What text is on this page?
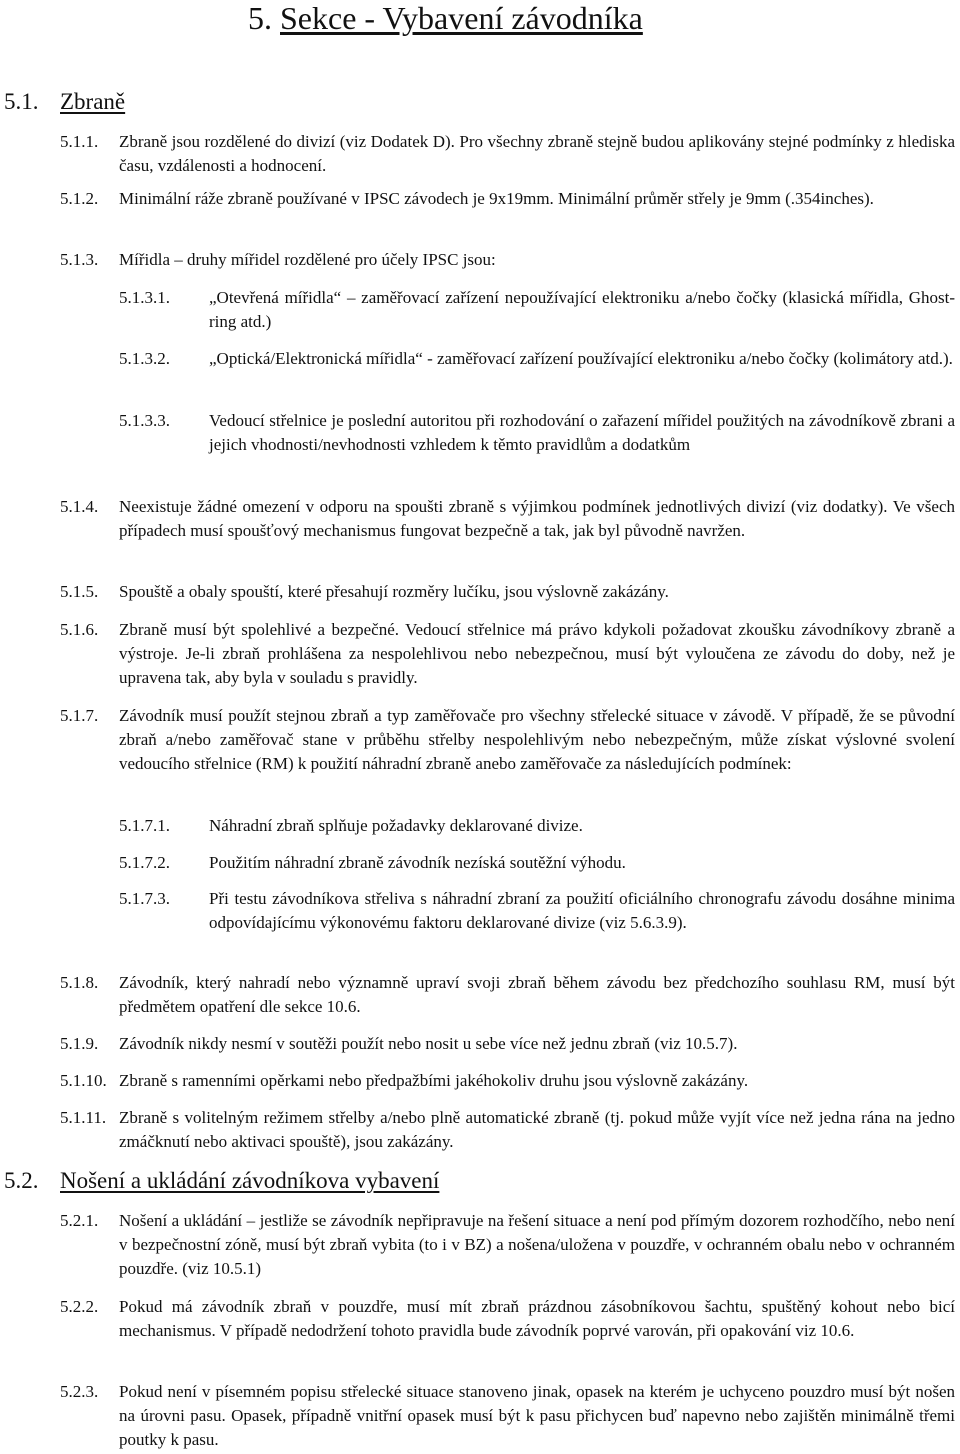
5. Sekce - Vybavení závodníka
5.1. Zbraně
5.1.1. Zbraně jsou rozdělené do divizí (viz Dodatek D). Pro všechny zbraně stejně budou aplikovány stejné podmínky z hlediska času, vzdálenosti a hodnocení.
5.1.2. Minimální ráže zbraně používané v IPSC závodech je 9x19mm. Minimální průměr střely je 9mm (.354inches).
5.1.3. Mířidla – druhy mířidel rozdělené pro účely IPSC jsou:
5.1.3.1. „Otevřená mířidla“ – zaměřovací zařízení nepoužívající elektroniku a/nebo čočky (klasická mířidla, Ghost-ring atd.)
5.1.3.2. „Optická/Elektronická mířidla“ - zaměřovací zařízení používající elektroniku a/nebo čočky (kolimátory atd.).
5.1.3.3. Vedoucí střelnice je poslední autoritou při rozhodování o zařazení mířidel použitých na závodníkově zbrani a jejich vhodnosti/nevhodnosti vzhledem k těmto pravidlům a dodatkům
5.1.4. Neexistuje žádné omezení v odporu na spoušti zbraně s výjimkou podmínek jednotlivých divizí (viz dodatky). Ve všech případech musí spoušťový mechanismus fungovat bezpečně a tak, jak byl původně navržen.
5.1.5. Spouště a obaly spouští, které přesahují rozměry lučíku, jsou výslovně zakázány.
5.1.6. Zbraně musí být spolehlivé a bezpečné. Vedoucí střelnice má právo kdykoli požadovat zkoušku závodníkovy zbraně a výstroje. Je-li zbraň prohlášena za nespolehlivou nebo nebezpečnou, musí být vyloučena ze závodu do doby, než je upravena tak, aby byla v souladu s pravidly.
5.1.7. Závodník musí použít stejnou zbraň a typ zaměřovače pro všechny střelecké situace v závodě. V případě, že se původní zbraň a/nebo zaměřovač stane v průběhu střelby nespolehlivým nebo nebezpečným, může získat výslovné svolení vedoucího střelnice (RM) k použití náhradní zbraně anebo zaměřovače za následujících podmínek:
5.1.7.1. Náhradní zbraň splňuje požadavky deklarované divize.
5.1.7.2. Použitím náhradní zbraně závodník nezíská soutěžní výhodu.
5.1.7.3. Při testu závodníkova střeliva s náhradní zbraní za použití oficiálního chronografu závodu dosáhne minima odpovídajícímu výkonovému faktoru deklarované divize (viz 5.6.3.9).
5.1.8. Závodník, který nahradí nebo významně upraví svoji zbraň během závodu bez předchozího souhlasu RM, musí být předmětem opatření dle sekce 10.6.
5.1.9. Závodník nikdy nesmí v soutěži použít nebo nosit u sebe více než jednu zbraň (viz 10.5.7).
5.1.10. Zbraně s ramenními opěrkami nebo předpažbími jakéhokoliv druhu jsou výslovně zakázány.
5.1.11. Zbraně s volitelným režimem střelby a/nebo plně automatické zbraně (tj. pokud může vyjít více než jedna rána na jedno zmáčknutí nebo aktivaci spouště), jsou zakázány.
5.2. Nošení a ukládání závodníkova vybavení
5.2.1. Nošení a ukládání – jestliže se závodník nepřipravuje na řešení situace a není pod přímým dozorem rozhodčího, nebo není v bezpečnostní zóně, musí být zbraň vybita (to i v BZ) a nošena/uložena v pouzdře, v ochranném obalu nebo v ochranném pouzdře. (viz 10.5.1)
5.2.2. Pokud má závodník zbraň v pouzdře, musí mít zbraň prázdnou zásobníkovou šachtu, spuštěný kohout nebo bicí mechanismus. V případě nedodržení tohoto pravidla bude závodník poprvé varován, při opakování viz 10.6.
5.2.3. Pokud není v písemném popisu střelecké situace stanoveno jinak, opasek na kterém je uchyceno pouzdro musí být nošen na úrovni pasu. Opasek, případně vnitřní opasek musí být k pasu přichycen buď napevno nebo zajištěn minimálně třemi poutky k pasu.
